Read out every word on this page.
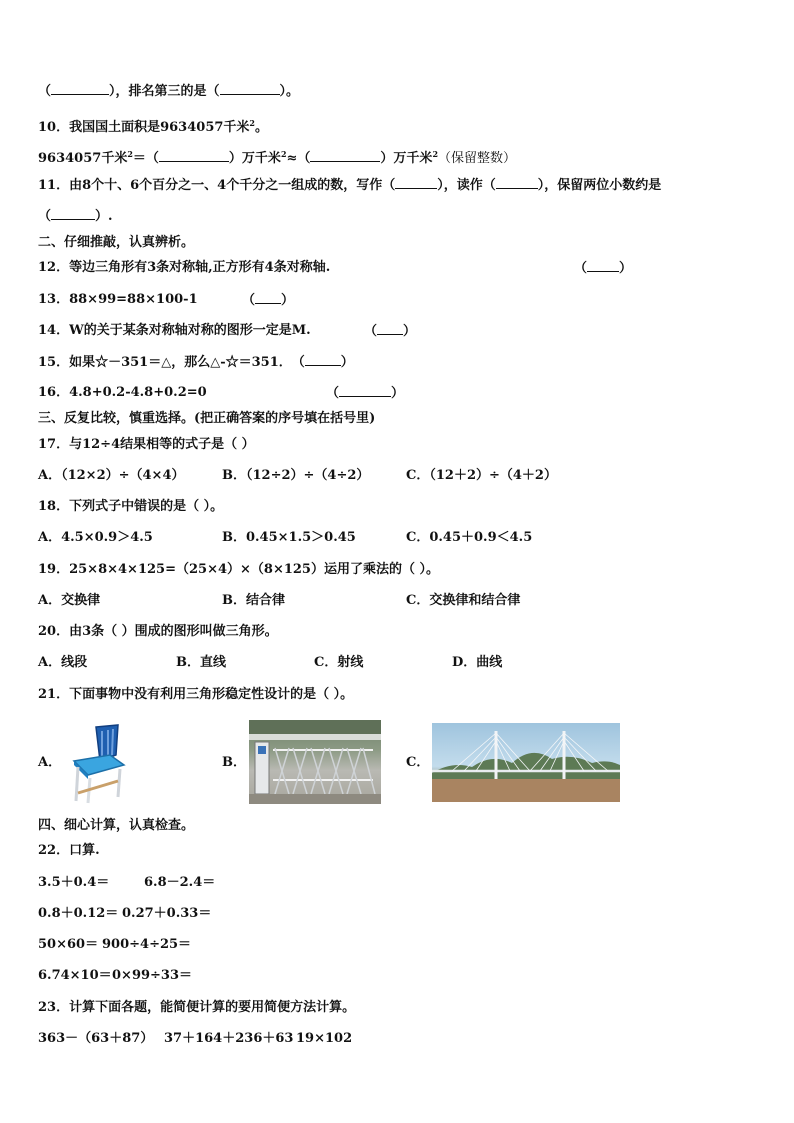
（	），排名第三的是（	）。
10．我国国土面积是9634057千米2。
9634057千米2＝（	）万千米2≈（	）万千米2（保留整数）
11．由8个十、6个百分之一、4个千分之一组成的数，写作（	），读作（	），保留两位小数约是
（	）.
二、仔细推敲，认真辨析。
12．等边三角形有3条对称轴,正方形有4条对称轴.	（ ）
13．88×99=88×100-1	（ ）
14．W的关于某条对称轴对称的图形一定是M.	（ ）
15．如果☆－351＝△，那么△-☆＝351．（	）
16．4.8+0.2-4.8+0.2=0	（	）
三、反复比较，慎重选择。(把正确答案的序号填在括号里)
17．与12÷4结果相等的式子是（ ）
A．（12×2）÷（4×4）	B．（12÷2）÷（4÷2）	C．（12＋2）÷（4＋2）
18．下列式子中错误的是（ ）。
A．4.5×0.9＞4.5	B．0.45×1.5＞0.45	C．0.45＋0.9＜4.5
19．25×8×4×125=（25×4）×（8×125）运用了乘法的（ ）。
A．交换律	B．结合律	C．交换律和结合律
20．由3条（ ）围成的图形叫做三角形。
A．线段	B．直线	C．射线	D．曲线
21．下面事物中没有利用三角形稳定性设计的是（ ）。
A．	B．	C．
四、细心计算，认真检查。
22．口算.
3.5＋0.4＝	6.8－2.4＝
0.8＋0.12＝ 0.27＋0.33＝
50×60＝ 900÷4÷25＝
6.74×10＝ 0×99÷33＝
23．计算下面各题，能简便计算的要用简便方法计算。
363－（63＋87） 37＋164＋236＋63 19×102
